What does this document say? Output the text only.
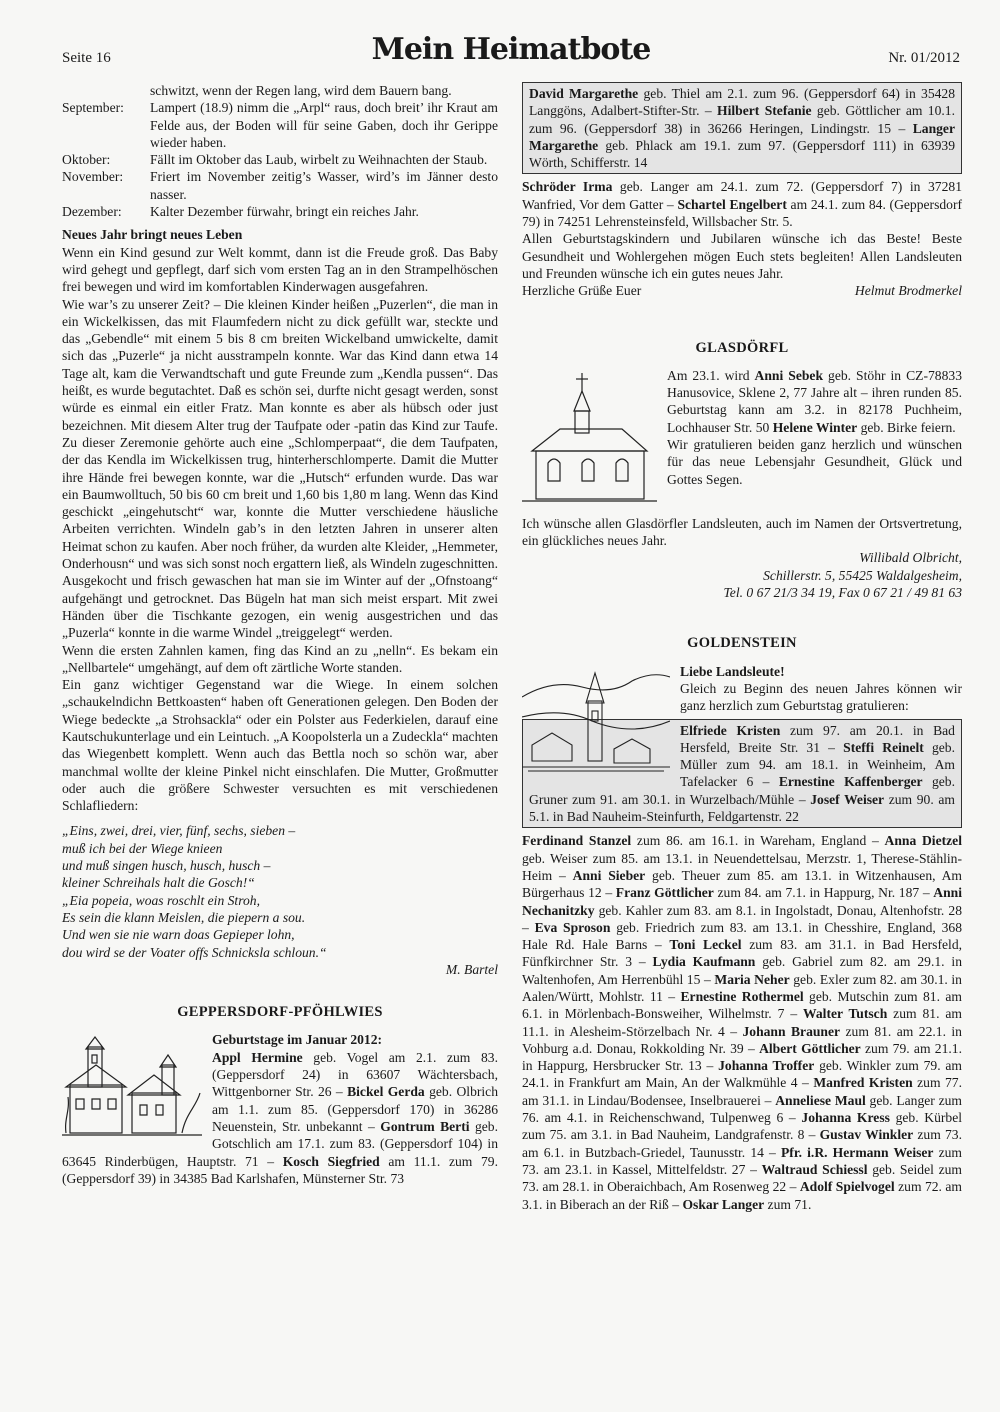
Seite 16	Mein Heimatbote	Nr. 01/2012
schwitzt, wenn der Regen lang, wird dem Bauern bang.
September:	Lampert (18.9) nimm die „Arpl“ raus, doch breit’ ihr Kraut am Felde aus, der Boden will für seine Gaben, doch ihr Gerippe wieder haben.
Oktober:	Fällt im Oktober das Laub, wirbelt zu Weihnachten der Staub.
November:	Friert im November zeitig’s Wasser, wird’s im Jänner desto nasser.
Dezember:	Kalter Dezember fürwahr, bringt ein reiches Jahr.

Neues Jahr bringt neues Leben

Wenn ein Kind gesund zur Welt kommt, dann ist die Freude groß. Das Baby wird gehegt und gepflegt, darf sich vom ersten Tag an in den Strampelhöschen frei bewegen und wird im komfortablen Kinderwagen ausgefahren.

Wie war’s zu unserer Zeit? – Die kleinen Kinder heißen „Puzerlen“, die man in ein Wickelkissen, das mit Flaumfedern nicht zu dick gefüllt war, steckte und das „Gebendle“ mit einem 5 bis 8 cm breiten Wickelband umwickelte, damit sich das „Puzerle“ ja nicht ausstrampeln konnte. War das Kind dann etwa 14 Tage alt, kam die Verwandtschaft und gute Freunde zum „Kendla pussen“. Das heißt, es wurde begutachtet. Daß es schön sei, durfte nicht gesagt werden, sonst würde es einmal ein eitler Fratz. Man konnte es aber als hübsch oder just bezeichnen. Mit diesem Alter trug der Taufpate oder -patin das Kind zur Taufe. Zu dieser Zeremonie gehörte auch eine „Schlomperpaat“, die dem Taufpaten, der das Kendla im Wickelkissen trug, hinterherschlomperte. Damit die Mutter ihre Hände frei bewegen konnte, war die „Hutsch“ erfunden wurde. Das war ein Baumwolltuch, 50 bis 60 cm breit und 1,60 bis 1,80 m lang. Wenn das Kind geschickt „eingehutscht“ war, konnte die Mutter verschiedene häusliche Arbeiten verrichten. Windeln gab’s in den letzten Jahren in unserer alten Heimat schon zu kaufen. Aber noch früher, da wurden alte Kleider, „Hemmeter, Onderhousn“ und was sich sonst noch ergattern ließ, als Windeln zugeschnitten. Ausgekocht und frisch gewaschen hat man sie im Winter auf der „Ofnstoang“ aufgehängt und getrocknet. Das Bügeln hat man sich meist erspart. Mit zwei Händen über die Tischkante gezogen, ein wenig ausgestrichen und das „Puzerla“ konnte in die warme Windel „treiggelegt“ werden.

Wenn die ersten Zahnlen kamen, fing das Kind an zu „nelln“. Es bekam ein „Nellbartele“ umgehängt, auf dem oft zärtliche Worte standen.

Ein ganz wichtiger Gegenstand war die Wiege. In einem solchen „schaukelndichn Bettkoasten“ haben oft Generationen gelegen. Den Boden der Wiege bedeckte „a Strohsackla“ oder ein Polster aus Federkielen, darauf eine Kautschukunterlage und ein Leintuch. „A Koopolsterla un a Zudeckla“ machten das Wiegenbett komplett. Wenn auch das Bettla noch so schön war, aber manchmal wollte der kleine Pinkel nicht einschlafen. Die Mutter, Großmutter oder auch die größere Schwester versuchten es mit verschiedenen Schlafliedern:

„Eins, zwei, drei, vier, fünf, sechs, sieben –
muß ich bei der Wiege knieen
und muß singen husch, husch, husch –
kleiner Schreihals halt die Gosch!“
„Eia popeia, woas roschlt ein Stroh,
Es sein die klann Meislen, die piepern a sou.
Und wen sie nie warn doas Gepieper lohn,
dou wird se der Voater offs Schnicksla schloun.“
M. Bartel
GEPPERSDORF-PFÖHLWIES

Geburtstage im Januar 2012:

Appl Hermine geb. Vogel am 2.1. zum 83. (Geppersdorf 24) in 63607 Wächtersbach, Wittgenborner Str. 26 – Bickel Gerda geb. Olbrich am 1.1. zum 85. (Geppersdorf 170) in 36286 Neuenstein, Str. unbekannt – Gontrum Berti geb. Gotschlich am 17.1. zum 83. (Geppersdorf 104) in 63645 Rinderbügen, Hauptstr. 71 – Kosch Siegfried am 11.1. zum 79. (Geppersdorf 39) in 34385 Bad Karlshafen, Münsterner Str. 73

David Margarethe geb. Thiel am 2.1. zum 96. (Geppersdorf 64) in 35428 Langgöns, Adalbert-Stifter-Str. – Hilbert Stefanie geb. Göttlicher am 10.1. zum 96. (Geppersdorf 38) in 36266 Heringen, Lindingstr. 15 – Langer Margarethe geb. Phlack am 19.1. zum 97. (Geppersdorf 111) in 63939 Wörth, Schifferstr. 14

Schröder Irma geb. Langer am 24.1. zum 72. (Geppersdorf 7) in 37281 Wanfried, Vor dem Gatter – Schartel Engelbert am 24.1. zum 84. (Geppersdorf 79) in 74251 Lehrensteinsfeld, Willsbacher Str. 5.

Allen Geburtstagskindern und Jubilaren wünsche ich das Beste! Beste Gesundheit und Wohlergehen mögen Euch stets begleiten! Allen Landsleuten und Freunden wünsche ich ein gutes neues Jahr.

Herzliche Grüße Euer	Helmut Brodmerkel
GLASDÖRFL

Am 23.1. wird Anni Sebek geb. Stöhr in CZ-78833 Hanusovice, Sklene 2, 77 Jahre alt – ihren runden 85. Geburtstag kann am 3.2. in 82178 Puchheim, Lochhauser Str. 50 Helene Winter geb. Birke feiern.

Wir gratulieren beiden ganz herzlich und wünschen für das neue Lebensjahr Gesundheit, Glück und Gottes Segen.

Ich wünsche allen Glasdörfler Landsleuten, auch im Namen der Ortsvertretung, ein glückliches neues Jahr.

Willibald Olbricht,
Schillerstr. 5, 55425 Waldalgesheim,
Tel. 0 67 21/3 34 19, Fax 0 67 21 / 49 81 63
GOLDENSTEIN

Liebe Landsleute!

Gleich zu Beginn des neuen Jahres können wir ganz herzlich zum Geburtstag gratulieren:

Elfriede Kristen zum 97. am 20.1. in Bad Hersfeld, Breite Str. 31 – Steffi Reinelt geb. Müller zum 94. am 18.1. in Weinheim, Am Tafelacker 6 – Ernestine Kaffenberger geb. Gruner zum 91. am 30.1. in Wurzelbach/Mühle – Josef Weiser zum 90. am 5.1. in Bad Nauheim-Steinfurth, Feldgartenstr. 22

Ferdinand Stanzel zum 86. am 16.1. in Wareham, England – Anna Dietzel geb. Weiser zum 85. am 13.1. in Neuendettelsau, Merzstr. 1, Therese-Stählin-Heim – Anni Sieber geb. Theuer zum 85. am 13.1. in Witzenhausen, Am Bürgerhaus 12 – Franz Göttlicher zum 84. am 7.1. in Happurg, Nr. 187 – Anni Nechanitzky geb. Kahler zum 83. am 8.1. in Ingolstadt, Donau, Altenhofstr. 28 – Eva Sproson geb. Friedrich zum 83. am 13.1. in Chesshire, England, 368 Hale Rd. Hale Barns – Toni Leckel zum 83. am 31.1. in Bad Hersfeld, Fünfkirchner Str. 3 – Lydia Kaufmann geb. Gabriel zum 82. am 29.1. in Waltenhofen, Am Herrenbühl 15 – Maria Neher geb. Exler zum 82. am 30.1. in Aalen/Württ, Mohlstr. 11 – Ernestine Rothermel geb. Mutschin zum 81. am 6.1. in Mörlenbach-Bonsweiher, Wilhelmstr. 7 – Walter Tutsch zum 81. am 11.1. in Alesheim-Störzelbach Nr. 4 – Johann Brauner zum 81. am 22.1. in Vohburg a.d. Donau, Rokkolding Nr. 39 – Albert Göttlicher zum 79. am 21.1. in Happurg, Hersbrucker Str. 13 – Johanna Troffer geb. Winkler zum 79. am 24.1. in Frankfurt am Main, An der Walkmühle 4 – Manfred Kristen zum 77. am 31.1. in Lindau/Bodensee, Inselbrauerei – Anneliese Maul geb. Langer zum 76. am 4.1. in Reichenschwand, Tulpenweg 6 – Johanna Kress geb. Kürbel zum 75. am 3.1. in Bad Nauheim, Landgrafenstr. 8 – Gustav Winkler zum 73. am 6.1. in Butzbach-Griedel, Taunusstr. 14 – Pfr. i.R. Hermann Weiser zum 73. am 23.1. in Kassel, Mittelfeldstr. 27 – Waltraud Schiessl geb. Seidel zum 73. am 28.1. in Oberaichbach, Am Rosenweg 22 – Adolf Spielvogel zum 72. am 3.1. in Biberach an der Riß – Oskar Langer zum 71.
